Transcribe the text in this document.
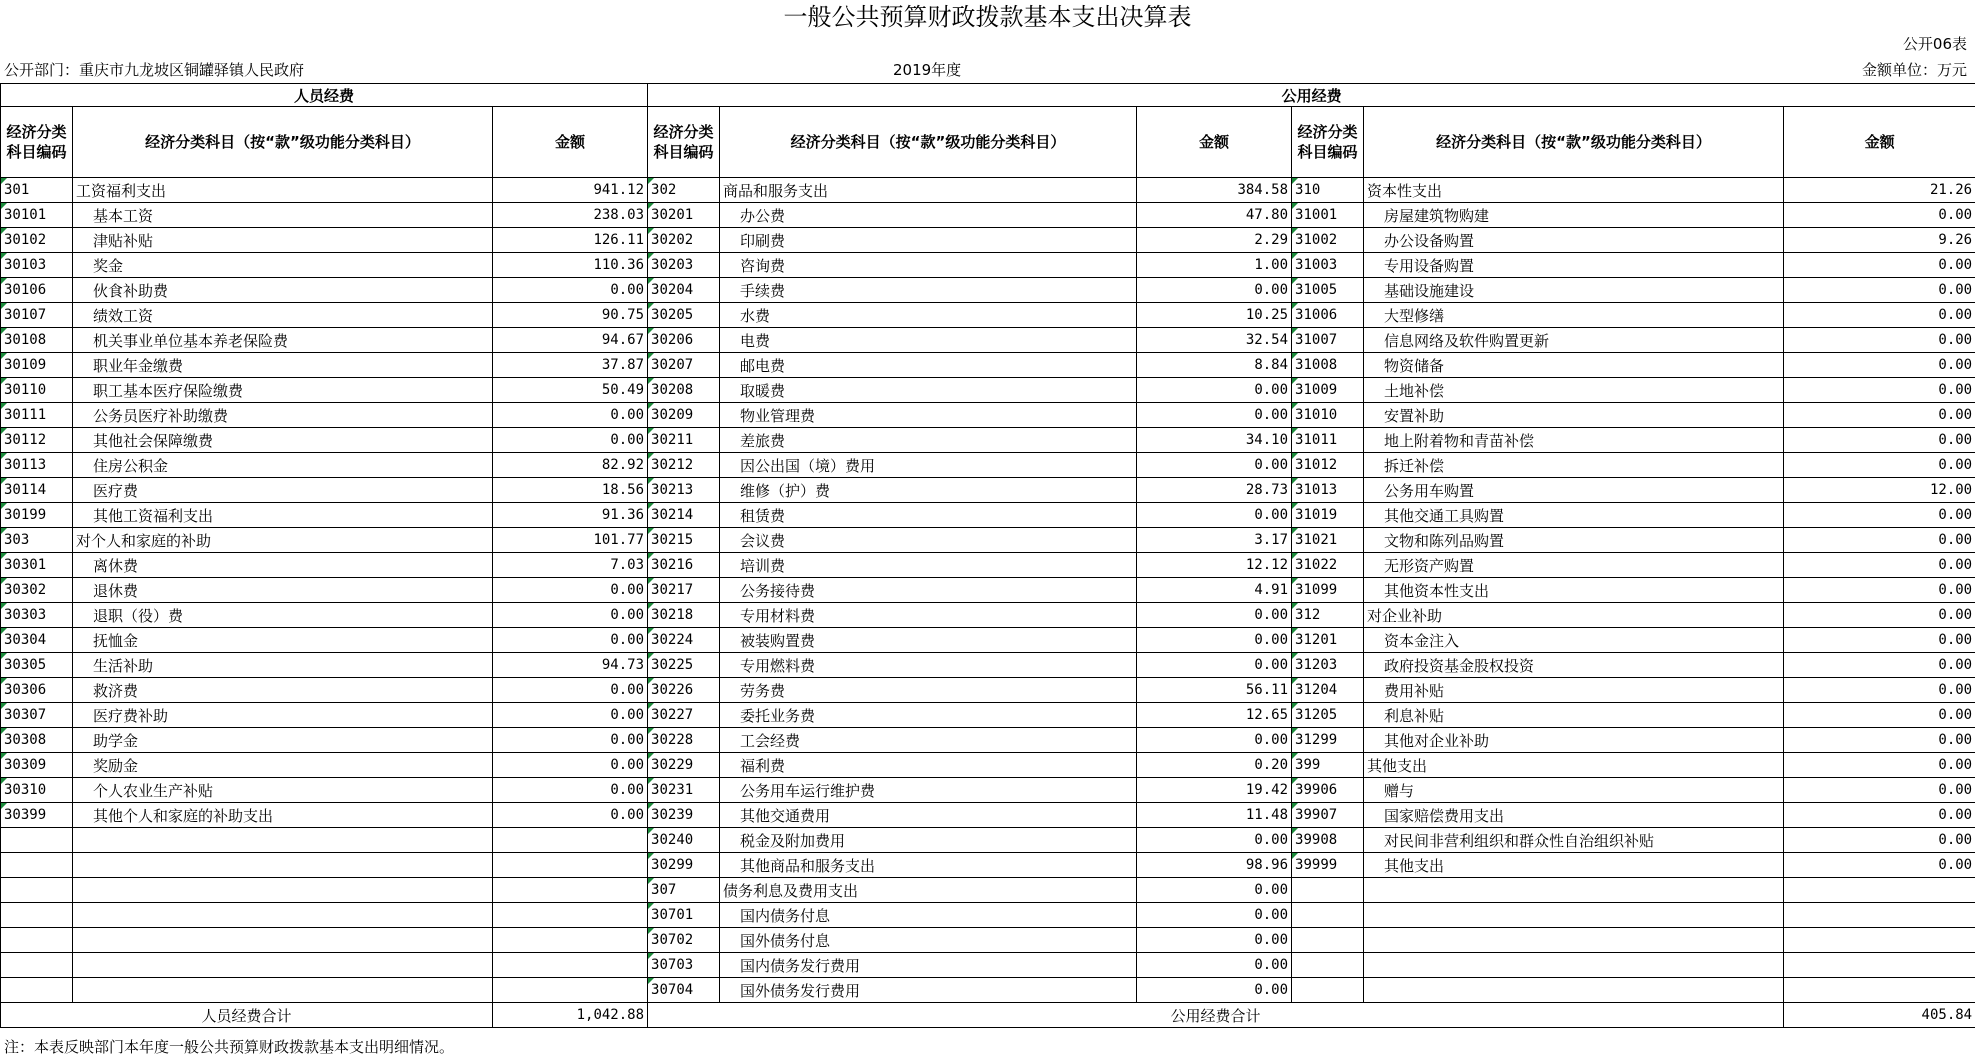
一般公共预算财政拨款基本支出决算表
公开06表
公开部门：重庆市九龙坡区铜罐驿镇人民政府	2019年度	金额单位：万元
人员经费			公用经费					
经济分类科目编码	经济分类科目（按“款”级功能分类科目）	金额	经济分类科目编码	经济分类科目（按“款”级功能分类科目）	金额	经济分类科目编码	经济分类科目（按“款”级功能分类科目）	金额
301	工资福利支出	941.12	302	商品和服务支出	384.58	310	资本性支出	21.26
30101	基本工资	238.03	30201	办公费	47.80	31001	房屋建筑物购建	0.00
30102	津贴补贴	126.11	30202	印刷费	2.29	31002	办公设备购置	9.26
30103	奖金	110.36	30203	咨询费	1.00	31003	专用设备购置	0.00
30106	伙食补助费	0.00	30204	手续费	0.00	31005	基础设施建设	0.00
30107	绩效工资	90.75	30205	水费	10.25	31006	大型修缮	0.00
30108	机关事业单位基本养老保险费	94.67	30206	电费	32.54	31007	信息网络及软件购置更新	0.00
30109	职业年金缴费	37.87	30207	邮电费	8.84	31008	物资储备	0.00
30110	职工基本医疗保险缴费	50.49	30208	取暖费	0.00	31009	土地补偿	0.00
30111	公务员医疗补助缴费	0.00	30209	物业管理费	0.00	31010	安置补助	0.00
30112	其他社会保障缴费	0.00	30211	差旅费	34.10	31011	地上附着物和青苗补偿	0.00
30113	住房公积金	82.92	30212	因公出国（境）费用	0.00	31012	拆迁补偿	0.00
30114	医疗费	18.56	30213	维修（护）费	28.73	31013	公务用车购置	12.00
30199	其他工资福利支出	91.36	30214	租赁费	0.00	31019	其他交通工具购置	0.00
303	对个人和家庭的补助	101.77	30215	会议费	3.17	31021	文物和陈列品购置	0.00
30301	离休费	7.03	30216	培训费	12.12	31022	无形资产购置	0.00
30302	退休费	0.00	30217	公务接待费	4.91	31099	其他资本性支出	0.00
30303	退职（役）费	0.00	30218	专用材料费	0.00	312	对企业补助	0.00
30304	抚恤金	0.00	30224	被装购置费	0.00	31201	资本金注入	0.00
30305	生活补助	94.73	30225	专用燃料费	0.00	31203	政府投资基金股权投资	0.00
30306	救济费	0.00	30226	劳务费	56.11	31204	费用补贴	0.00
30307	医疗费补助	0.00	30227	委托业务费	12.65	31205	利息补贴	0.00
30308	助学金	0.00	30228	工会经费	0.00	31299	其他对企业补助	0.00
30309	奖励金	0.00	30229	福利费	0.20	399	其他支出	0.00
30310	个人农业生产补贴	0.00	30231	公务用车运行维护费	19.42	39906	赠与	0.00
30399	其他个人和家庭的补助支出	0.00	30239	其他交通费用	11.48	39907	国家赔偿费用支出	0.00
			30240	税金及附加费用	0.00	39908	对民间非营利组织和群众性自治组织补贴	0.00
			30299	其他商品和服务支出	98.96	39999	其他支出	0.00
			307	债务利息及费用支出	0.00			
			30701	国内债务付息	0.00			
			30702	国外债务付息	0.00			
			30703	国内债务发行费用	0.00			
			30704	国外债务发行费用	0.00			
人员经费合计		1,042.88	公用经费合计					405.84
注：本表反映部门本年度一般公共预算财政拨款基本支出明细情况。
